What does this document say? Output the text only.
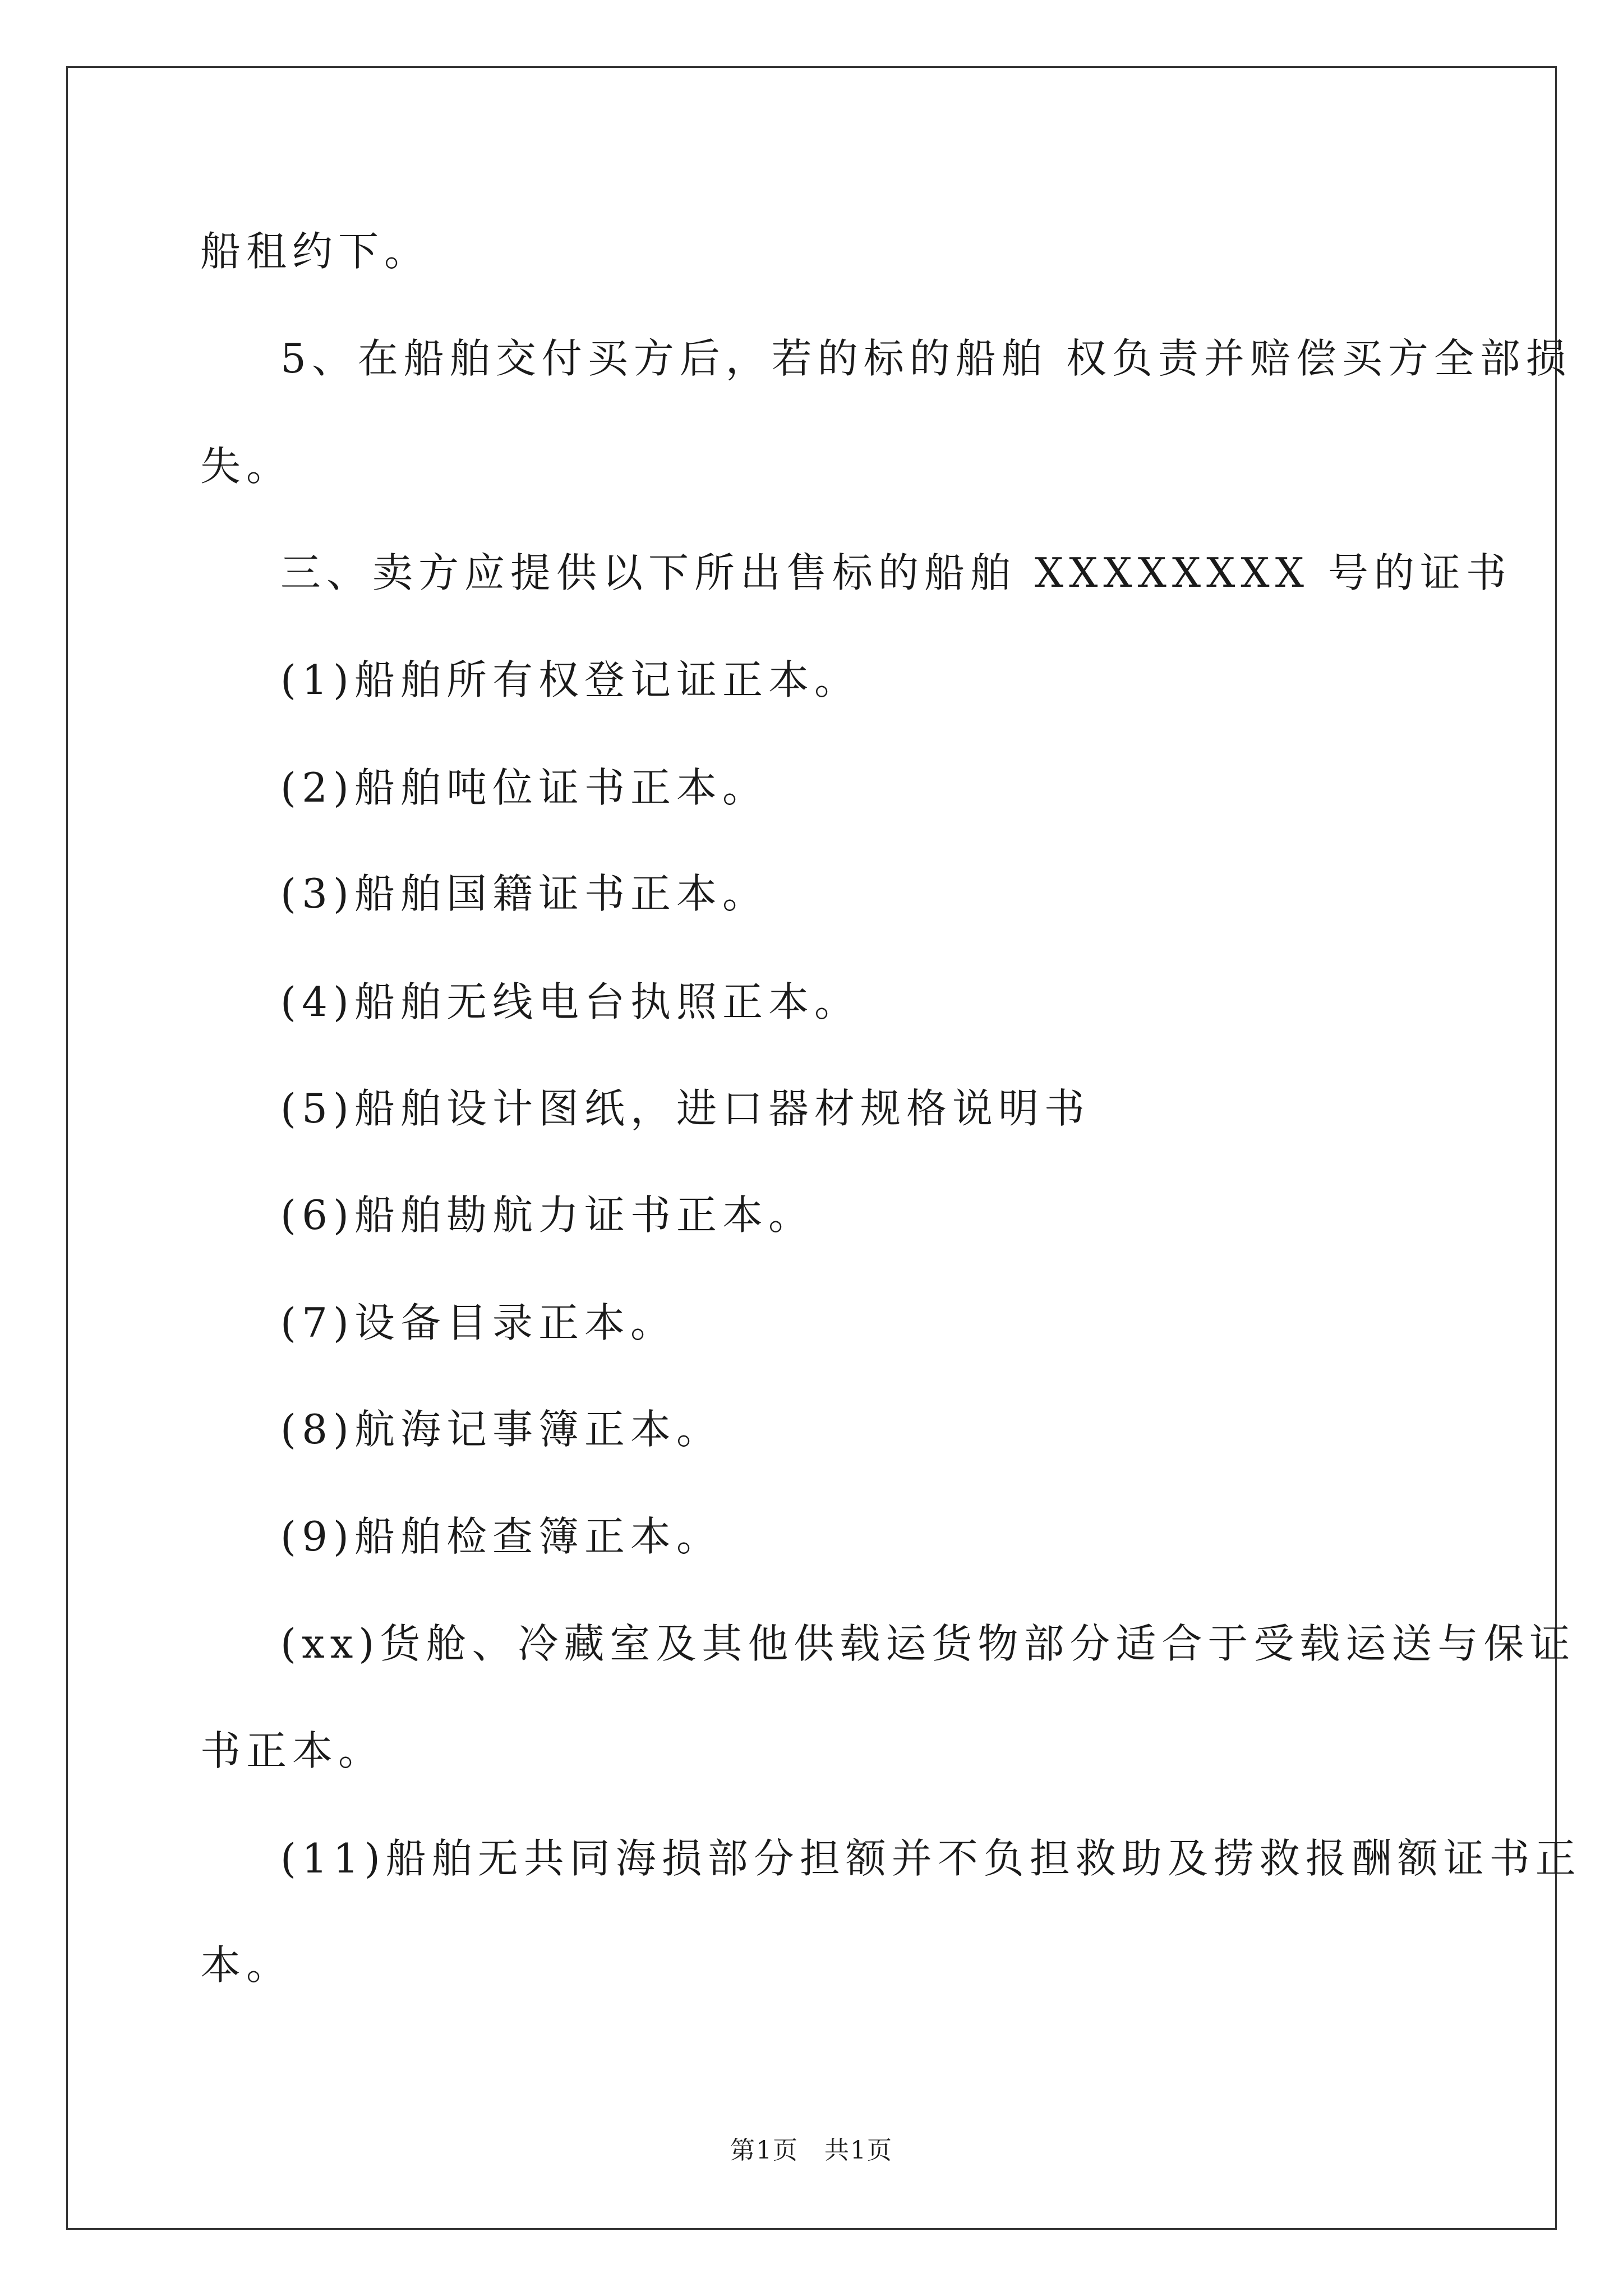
船租约下。
5、在船舶交付买方后，若的标的船舶 权负责并赔偿买方全部损
失。
三、卖方应提供以下所出售标的船舶 XXXXXXXX 号的证书
(1)船舶所有权登记证正本。
(2)船舶吨位证书正本。
(3)船舶国籍证书正本。
(4)船舶无线电台执照正本。
(5)船舶设计图纸，进口器材规格说明书
(6)船舶勘航力证书正本。
(7)设备目录正本。
(8)航海记事簿正本。
(9)船舶检查簿正本。
(xx)货舱、冷藏室及其他供载运货物部分适合于受载运送与保证
书正本。
(11)船舶无共同海损部分担额并不负担救助及捞救报酬额证书正
本。
第1页　共1页
